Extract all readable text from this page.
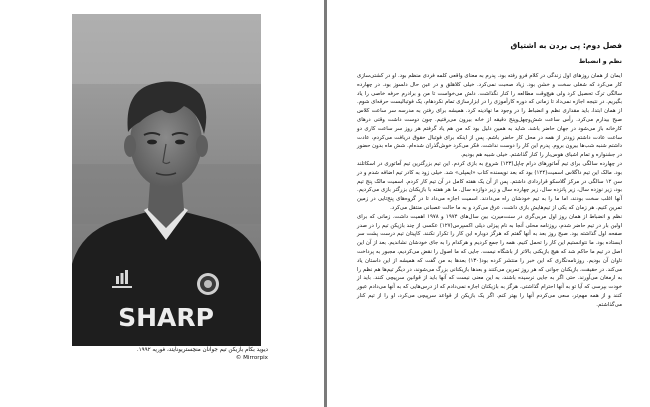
SHARP
دیوید بکام بازیکن تیم جوانان منچستریونایتد، فوریه ۱۹۹۲.
© Mirrorpix
فصل دوم: پی بردن به اشتیاق
نظم و انضباط

ایمان از همان روزهای اول زندگی در کلام فرو رفته بود. پدرم به معنای واقعی کلمه فردی منظم بود. او در کشتی‌سازی کار می‌کرد که شغلی سخت و خشن بود. زیاد صحبت نمی‌کرد. خیلی کلاهلق و در عین حال دلسوز بود. در چهارده سالگی ترک تحصیل کرد ولی هیچ‌وقت مطالعه را کنار نگذاشت. دلش می‌خواست تا من و برادرم حرفه خاصی را یاد بگیریم. در نتیجه اجازه نمی‌داد تا زمانی که دوره کارآموزی را در ابزارسازی تمام نکردهام، یک فوتبالیست حرفه‌ای شوم. از همان ابتدا، باید مقداری نظم و انضباط را در وجود ما نهادینه کرد. همیشه برای رفتن به مدرسه سر ساعت کلاس صبح بیدارم می‌کرد. رأس ساعت شش‌وچهل‌وپنج دقیقه از خانه بیرون می‌رفتیم. چون دوست داشت وقتی درهای کارخانه باز می‌شود در جهان حاضر باشد. شاید به همین دلیل بود که من هم یاد گرفتم هر روز سر ساعت کاری دو ساعت عادت داشتم زودتر از همه در محل کار حاضر باشم. پس از اینکه برای فوتبال حقوق دریافت می‌کردم، عادت داشتم شنبه شب‌ها بیرون بروم. پدرم این کار را دوست نداشت. فکر می‌کرد خوش‌گذران شده‌ام. شش ماه بدون حضور در جشنواره و تمام اشیای هوس‌بار را کنار گذاشتم. خیلی شبیه هم بودیم.

در چهارده سالگی برای تیم آماتورهای درام چاپل(۱۲۳) شروع به بازی کردم. این تیم بزرگترین تیم آماتوری در اسکاتلند بود. مالک این تیم داگلاس اسمیت(۱۲۴) بود که بعد نویسنده کتاب «ایمپلی» شد. خیلی زود به کادر تیم اضافه شدم و در سن ۱۲ سالگی در مرکز گلاسکو قراردادی داشتم. پس از آن یک هفته کامل در آن تیم کار کردم. اسمیت مالک پنج تیم بود، زیر نوزده سال، زیر پانزده سال، زیر چهارده سال و زیر دوازده سال. ما هر هفته با بازیکنان بزرگتر بازی می‌کردیم. آنها اغلب سخت بودند، اما ما را به تیم خودشان راه می‌دادند. اسمیت اجازه می‌داد تا در گروه‌های پنج‌تایی در زمین تمرین کنیم. هر زمان که یکی از تیم‌هایش بازی داشت، عرق می‌کرد و به ما حالت عصبانی منتقل می‌کرد.

نظم و انضباط از همان روز اول مربی‌گری در سنت‌میرن، بین سال‌های ۱۹۷۴ و ۱۹۷۸ اهمیت داشت. زمانی که برای اولین بار در تیم حاضر شدم، روزنامه محلی آنجا به نام پیزلی دیلی اکسپرس(۱۲۷) عکسی از چند بازیکن تیم را در صدر صفحه اول گذاشته بود. صبح روز بعد به آنها گفتم که هرگز دوباره این کار را تکرار نکنند. کاپیتان تیم درست پشت سر ایستاده بود. ما نتوانستیم این کار را تحمل کنیم. همه را جمع کردیم و هرکدام را به جای خودشان نشاندیم. بعد از آن این اصل در تیم ما حاکم شد که هیچ بازیکنی بالاتر از باشگاه نیست. جایی که ما اصول را نقض می‌کردیم، مجبور به پرداخت تاوان آن بودیم. روزنامه‌نگاری که این خبر را منتشر کرده بود(۱۳۰) بعدها به من گفت که همیشه از این داستان یاد می‌کند. در حقیقت، بازیکنان جوانی که هر روز تمرین می‌کنند و بعدها بازیکنانی بزرگ می‌شوند، در دیگر تیم‌ها هم نظم را به ارمغان می‌آورند. حتی اگر به جایی نرسیده باشند، به این معنی نیست که آنها باید از قوانین سرپیچی کنند. باید از خودت بپرسی که آیا تو به آنها احترام گذاشتی. هرگز به بازیکنان اجازه نمی‌دادم که از درس‌هایی که به آنها می‌دادم عبور کنند و از همه مهم‌تر، سعی می‌کردم آنها را بهتر کنم. اگر یک بازیکن از قواعد سرپیچی می‌کرد، او را از تیم کنار می‌گذاشتم.
